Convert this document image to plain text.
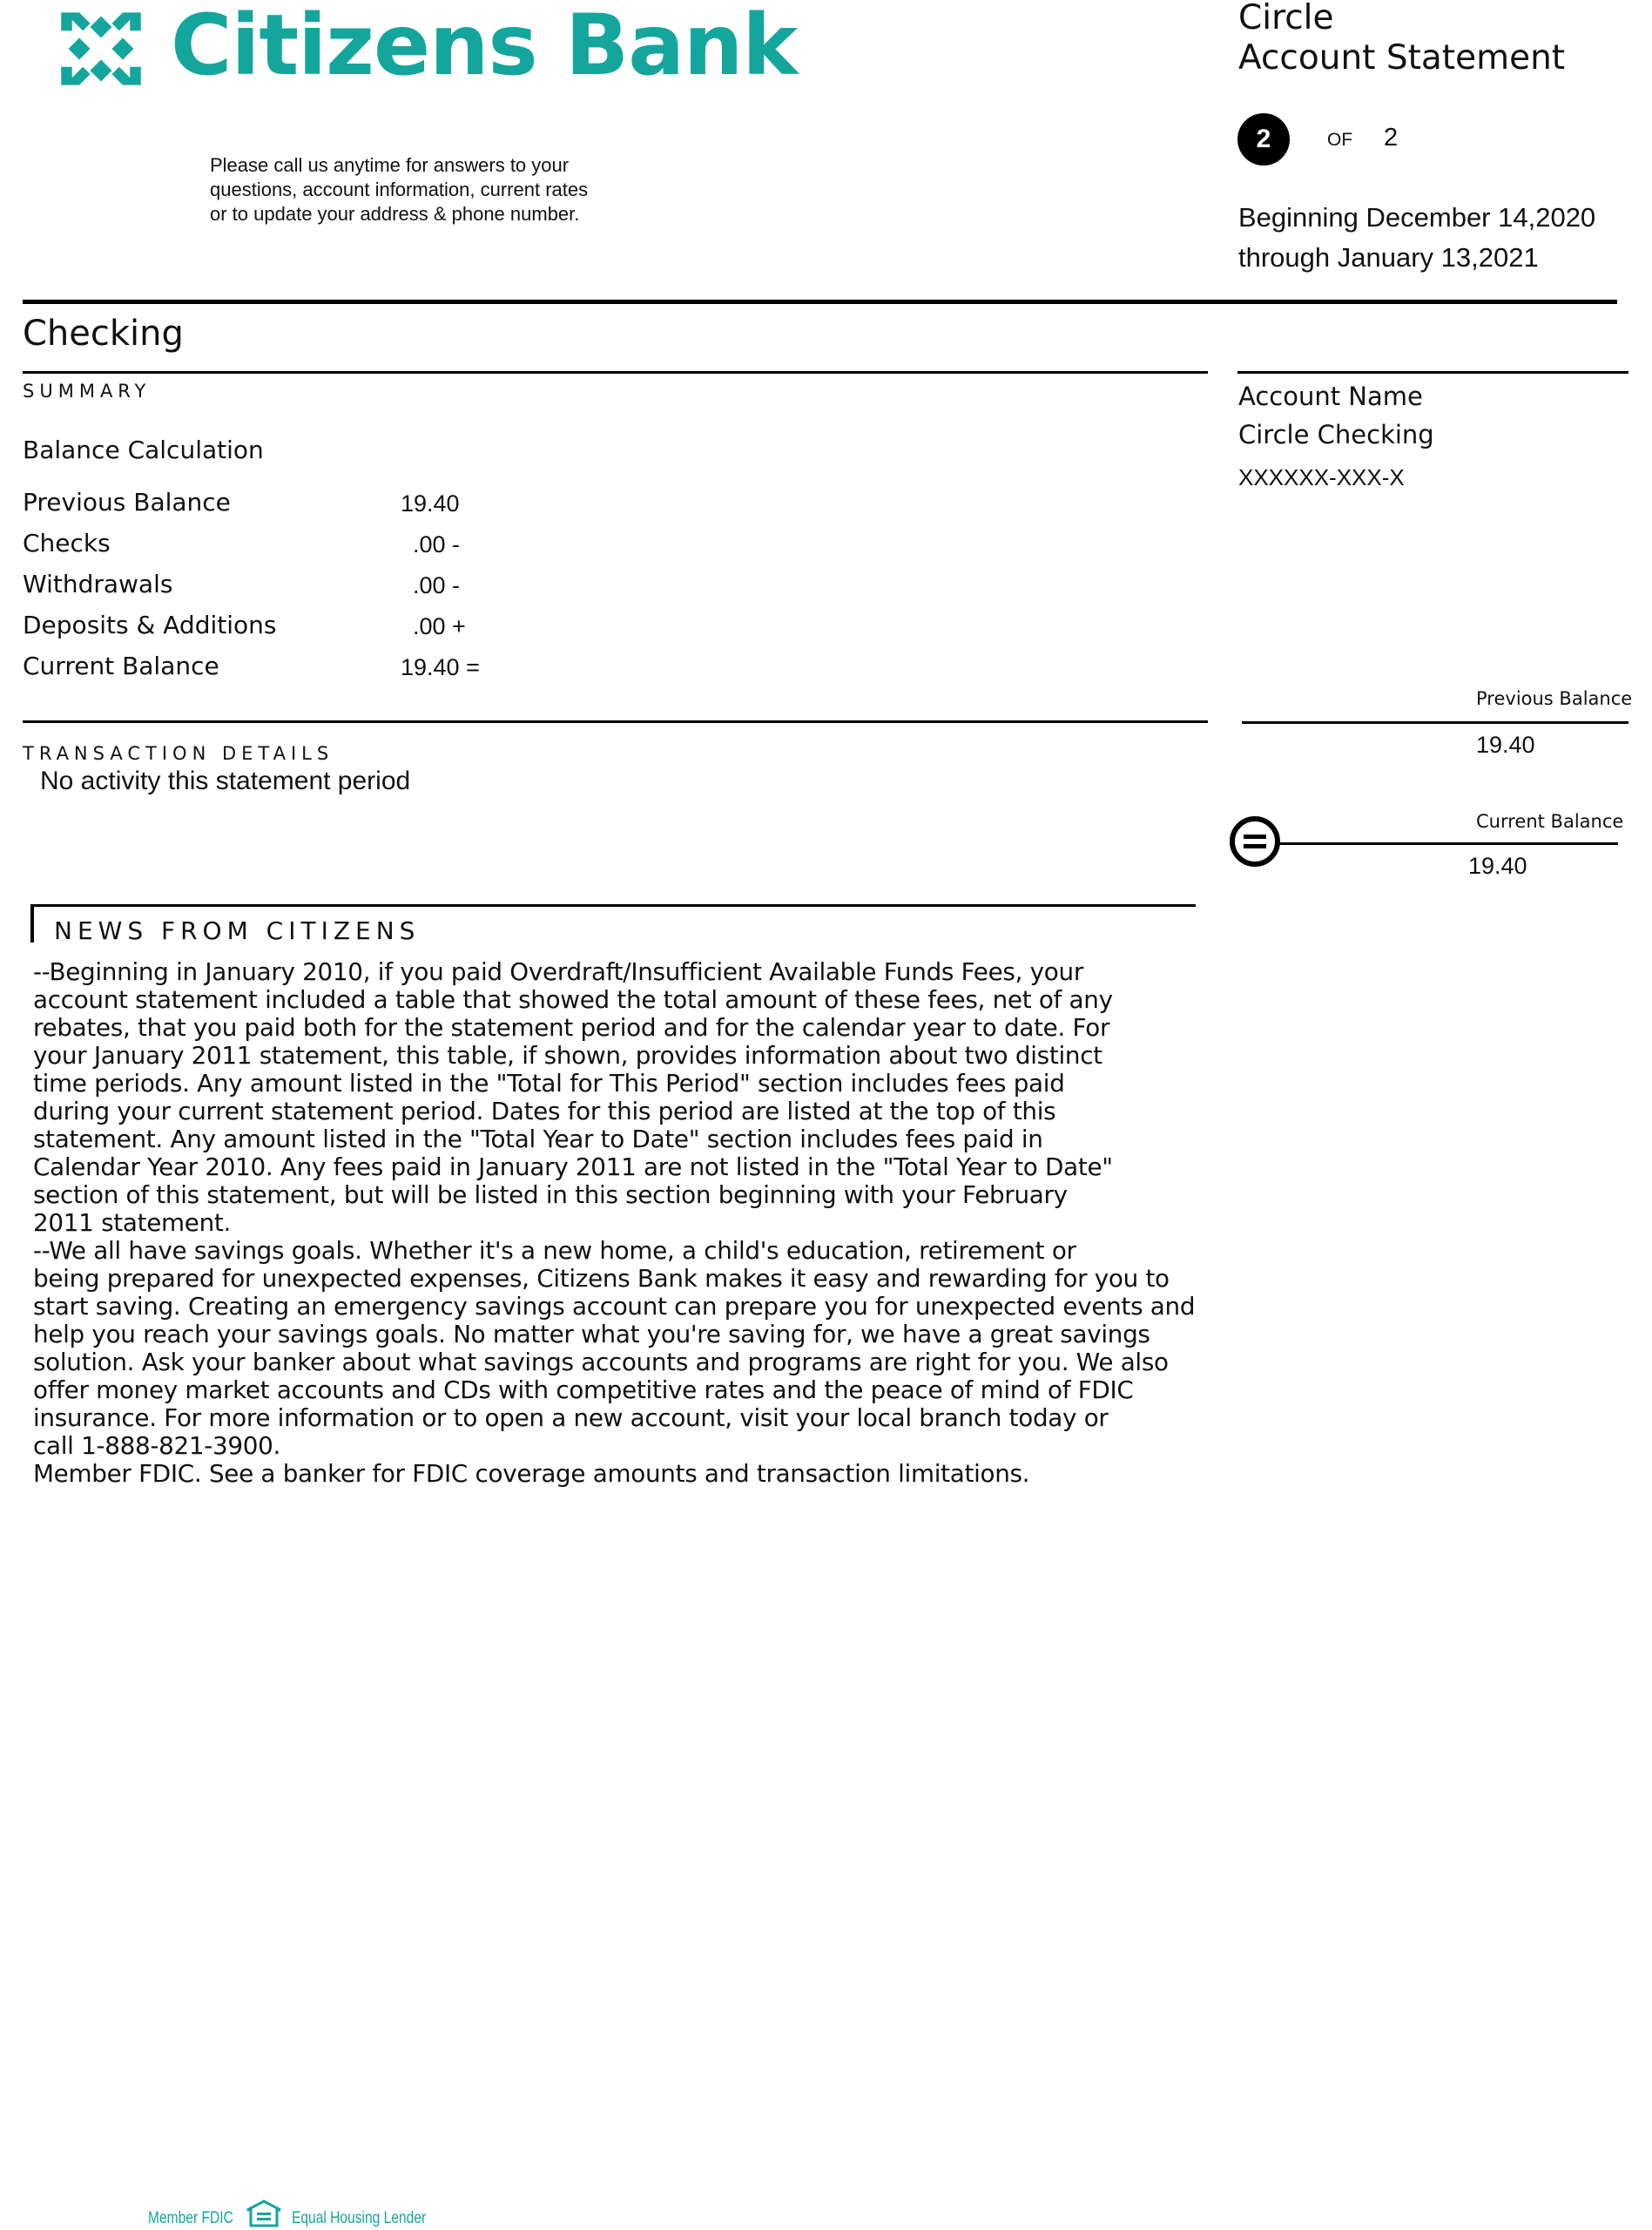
Citizens Bank
Please call us anytime for answers to your
questions, account information, current rates
or to update your address & phone number.
Circle
Account Statement
2	OF 2
Beginning December 14,2020
through January 13,2021
Checking
SUMMARY
Balance Calculation
Previous Balance	19.40
Checks	.00 -
Withdrawals	.00 -
Deposits & Additions	.00 +
Current Balance	19.40 =
TRANSACTION DETAILS
No activity this statement period
Account Name
Circle Checking
XXXXXX-XXX-X
Previous Balance
19.40
Current Balance
19.40
NEWS FROM CITIZENS
--Beginning in January 2010, if you paid Overdraft/Insufficient Available Funds Fees, your
account statement included a table that showed the total amount of these fees, net of any
rebates, that you paid both for the statement period and for the calendar year to date. For
your January 2011 statement, this table, if shown, provides information about two distinct
time periods. Any amount listed in the "Total for This Period" section includes fees paid
during your current statement period. Dates for this period are listed at the top of this
statement. Any amount listed in the "Total Year to Date" section includes fees paid in
Calendar Year 2010. Any fees paid in January 2011 are not listed in the "Total Year to Date"
section of this statement, but will be listed in this section beginning with your February
2011 statement.
--We all have savings goals. Whether it's a new home, a child's education, retirement or
being prepared for unexpected expenses, Citizens Bank makes it easy and rewarding for you to
start saving. Creating an emergency savings account can prepare you for unexpected events and
help you reach your savings goals. No matter what you're saving for, we have a great savings
solution. Ask your banker about what savings accounts and programs are right for you. We also
offer money market accounts and CDs with competitive rates and the peace of mind of FDIC
insurance. For more information or to open a new account, visit your local branch today or
call 1-888-821-3900.
Member FDIC. See a banker for FDIC coverage amounts and transaction limitations.
Member FDIC	Equal Housing Lender
